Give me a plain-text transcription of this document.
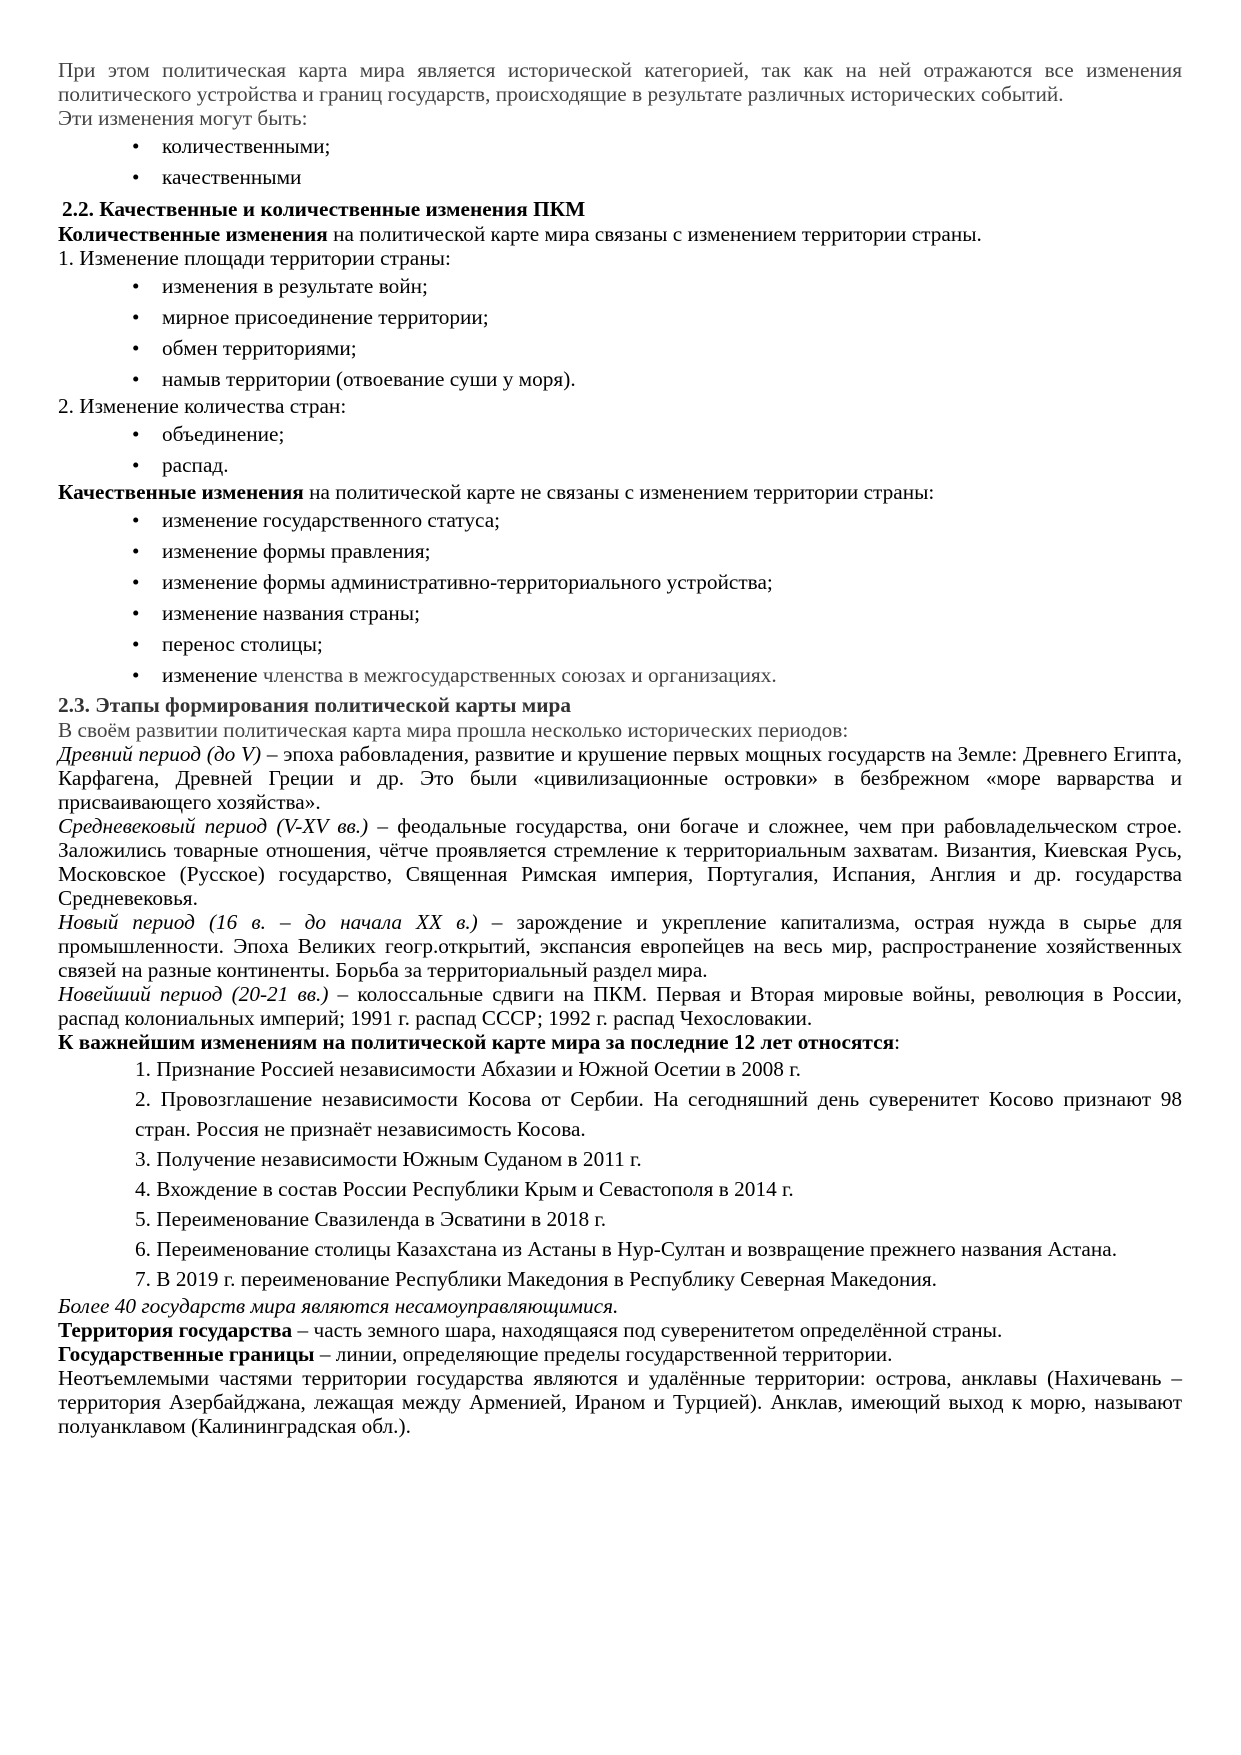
При этом политическая карта мира является исторической категорией, так как на ней отражаются все изменения политического устройства и границ государств, происходящие в результате различных исторических событий.

Эти изменения могут быть:

• количественными;
• качественными

2.2. Качественные и количественные изменения ПКМ

Количественные изменения на политической карте мира связаны с изменением территории страны.

1. Изменение площади территории страны:

• изменения в результате войн;
• мирное присоединение территории;
• обмен территориями;
• намыв территории (отвоевание суши у моря).

2. Изменение количества стран:

• объединение;
• распад.

Качественные изменения на политической карте не связаны с изменением территории страны:

• изменение государственного статуса;
• изменение формы правления;
• изменение формы административно-территориального устройства;
• изменение названия страны;
• перенос столицы;
• изменение членства в межгосударственных союзах и организациях.

2.3. Этапы формирования политической карты мира

В своём развитии политическая карта мира прошла несколько исторических периодов:

Древний период (до V) – эпоха рабовладения, развитие и крушение первых мощных государств на Земле: Древнего Египта, Карфагена, Древней Греции и др. Это были «цивилизационные островки» в безбрежном «море варварства и присваивающего хозяйства».

Средневековый период (V-XV вв.) – феодальные государства, они богаче и сложнее, чем при рабовладельческом строе. Заложились товарные отношения, чётче проявляется стремление к территориальным захватам. Византия, Киевская Русь, Московское (Русское) государство, Священная Римская империя, Португалия, Испания, Англия и др. государства Средневековья.

Новый период (16 в. – до начала XX в.) – зарождение и укрепление капитализма, острая нужда в сырье для промышленности. Эпоха Великих геогр.открытий, экспансия европейцев на весь мир, распространение хозяйственных связей на разные континенты. Борьба за территориальный раздел мира.

Новейший период (20-21 вв.) – колоссальные сдвиги на ПКМ. Первая и Вторая мировые войны, революция в России, распад колониальных империй; 1991 г. распад СССР; 1992 г. распад Чехословакии.

К важнейшим изменениям на политической карте мира за последние 12 лет относятся:

1. Признание Россией независимости Абхазии и Южной Осетии в 2008 г.
2. Провозглашение независимости Косова от Сербии. На сегодняшний день суверенитет Косово признают 98 стран. Россия не признаёт независимость Косова.
3. Получение независимости Южным Суданом в 2011 г.
4. Вхождение в состав России Республики Крым и Севастополя в 2014 г.
5. Переименование Свазиленда в Эсватини в 2018 г.
6. Переименование столицы Казахстана из Астаны в Нур-Султан и возвращение прежнего названия Астана.
7. В 2019 г. переименование Республики Македония в Республику Северная Македония.

Более 40 государств мира являются несамоуправляющимися.

Территория государства – часть земного шара, находящаяся под суверенитетом определённой страны.

Государственные границы – линии, определяющие пределы государственной территории.

Неотъемлемыми частями территории государства являются и удалённые территории: острова, анклавы (Нахичевань – территория Азербайджана, лежащая между Арменией, Ираном и Турцией). Анклав, имеющий выход к морю, называют полуанклавом (Калининградская обл.).
